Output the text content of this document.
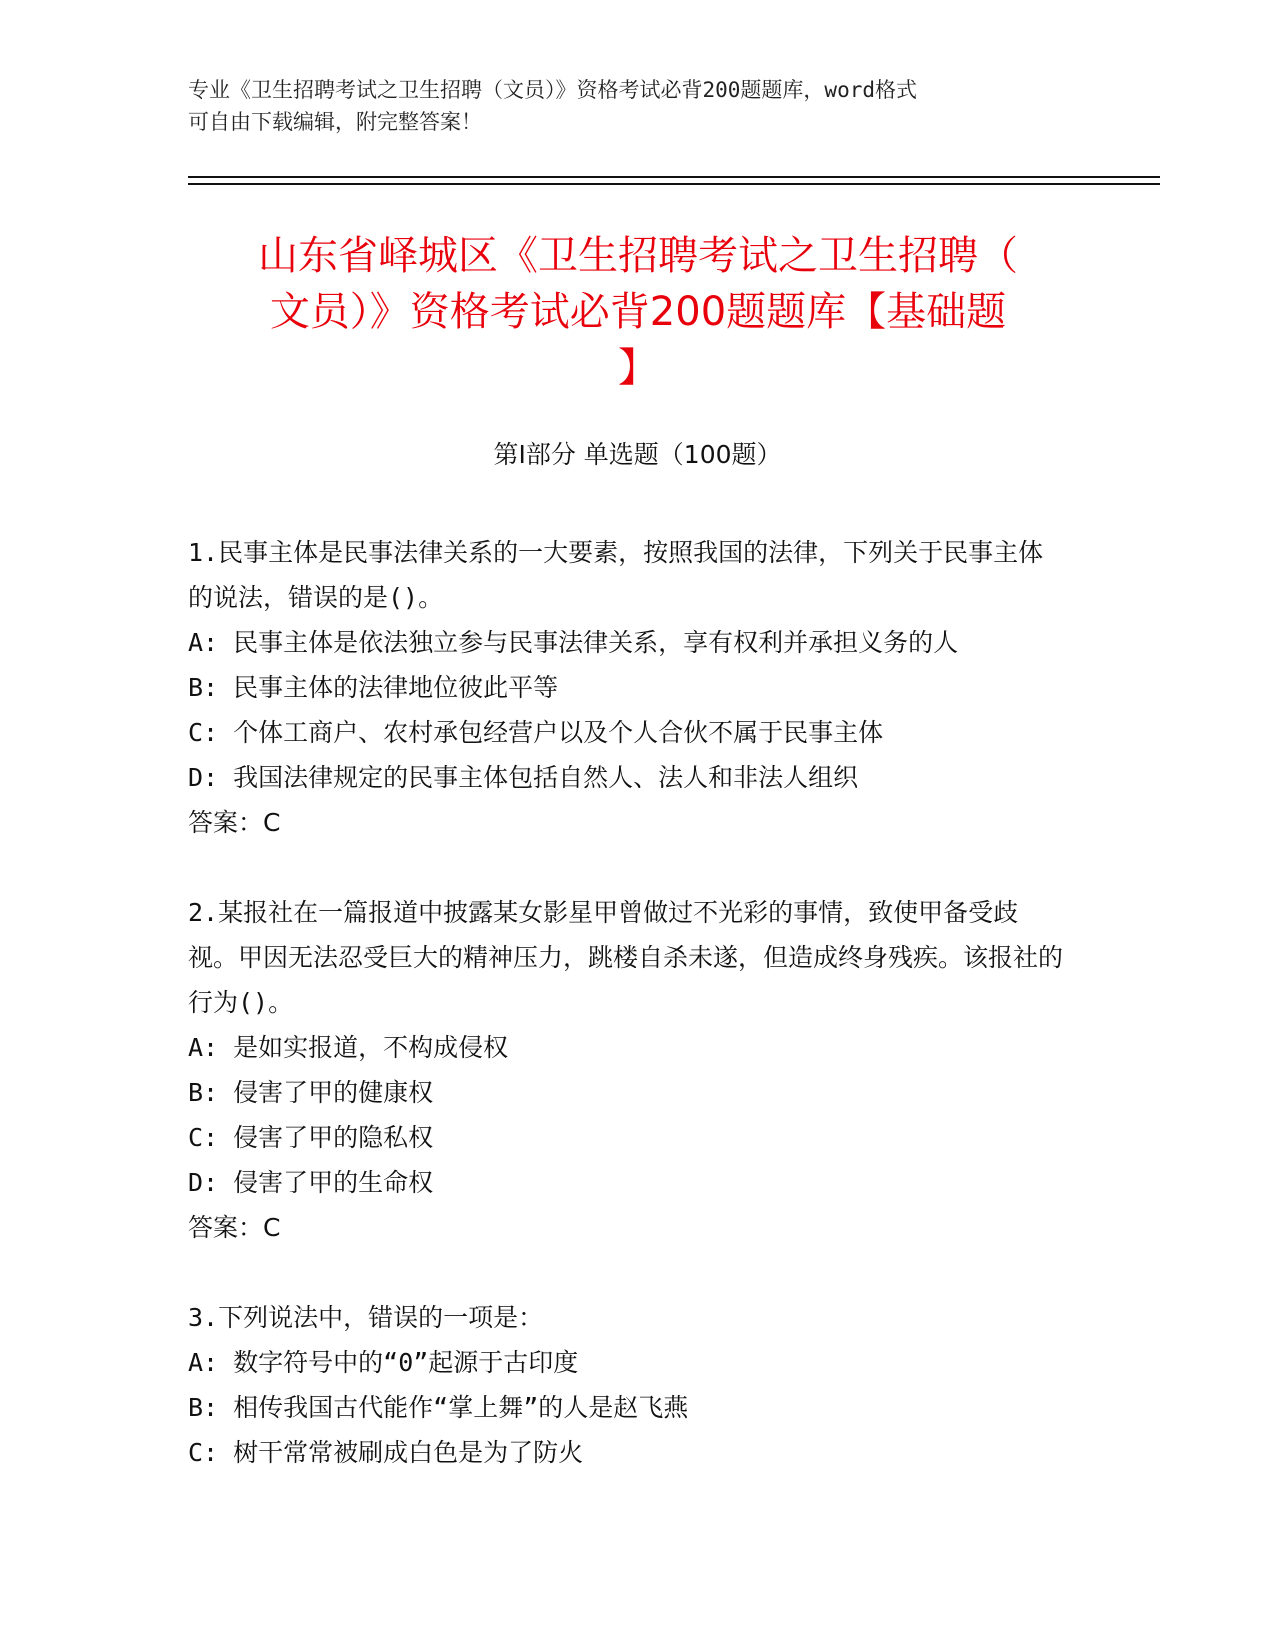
专业《卫生招聘考试之卫生招聘（文员）》资格考试必背200题题库，word格式
可自由下载编辑，附完整答案！
山东省峄城区《卫生招聘考试之卫生招聘（
文员）》资格考试必背200题题库【基础题
】
第Ⅰ部分 单选题（100题）

1.民事主体是民事法律关系的一大要素，按照我国的法律，下列关于民事主体的说法，错误的是()。

A: 民事主体是依法独立参与民事法律关系，享有权利并承担义务的人

B: 民事主体的法律地位彼此平等

C: 个体工商户、农村承包经营户以及个人合伙不属于民事主体

D: 我国法律规定的民事主体包括自然人、法人和非法人组织

答案：C

2.某报社在一篇报道中披露某女影星甲曾做过不光彩的事情，致使甲备受歧视。甲因无法忍受巨大的精神压力，跳楼自杀未遂，但造成终身残疾。该报社的行为()。

A: 是如实报道，不构成侵权

B: 侵害了甲的健康权

C: 侵害了甲的隐私权

D: 侵害了甲的生命权

答案：C

3.下列说法中，错误的一项是：

A: 数字符号中的“0”起源于古印度

B: 相传我国古代能作“掌上舞”的人是赵飞燕

C: 树干常常被刷成白色是为了防火
